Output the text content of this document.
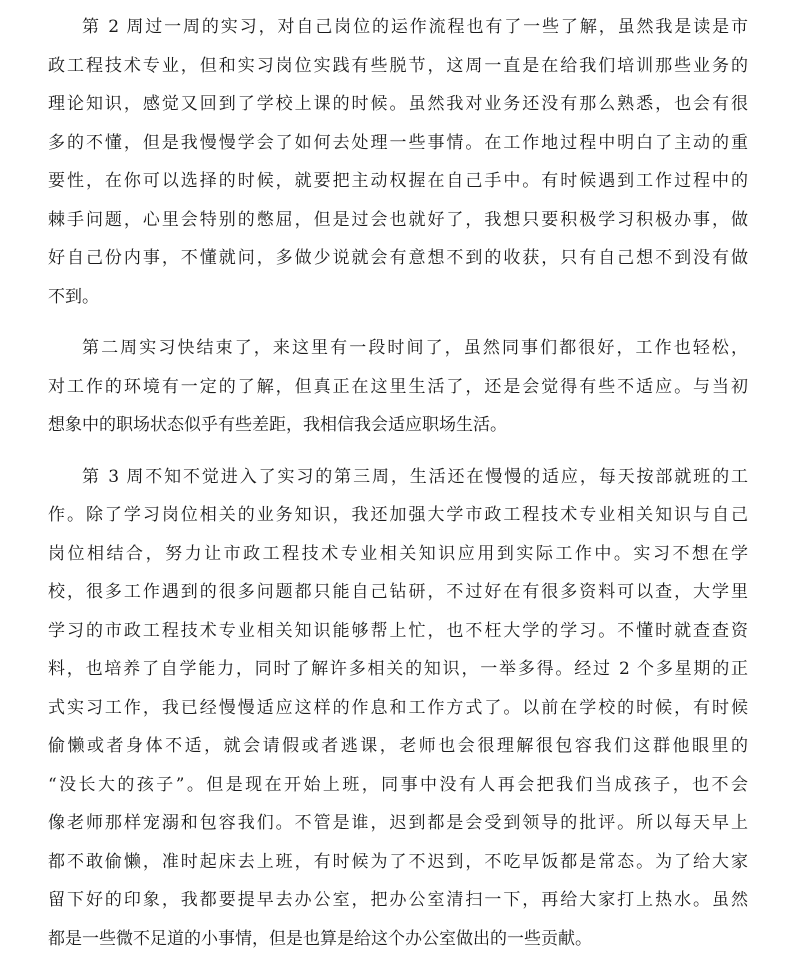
第 2 周过一周的实习，对自己岗位的运作流程也有了一些了解，虽然我是读是市
政工程技术专业，但和实习岗位实践有些脱节，这周一直是在给我们培训那些业务的
理论知识，感觉又回到了学校上课的时候。虽然我对业务还没有那么熟悉，也会有很
多的不懂，但是我慢慢学会了如何去处理一些事情。在工作地过程中明白了主动的重
要性，在你可以选择的时候，就要把主动权握在自己手中。有时候遇到工作过程中的
棘手问题，心里会特别的憋屈，但是过会也就好了，我想只要积极学习积极办事，做
好自己份内事，不懂就问，多做少说就会有意想不到的收获，只有自己想不到没有做
不到。
第二周实习快结束了，来这里有一段时间了，虽然同事们都很好，工作也轻松，
对工作的环境有一定的了解，但真正在这里生活了，还是会觉得有些不适应。与当初
想象中的职场状态似乎有些差距，我相信我会适应职场生活。
第 3 周不知不觉进入了实习的第三周，生活还在慢慢的适应，每天按部就班的工
作。除了学习岗位相关的业务知识，我还加强大学市政工程技术专业相关知识与自己
岗位相结合，努力让市政工程技术专业相关知识应用到实际工作中。实习不想在学
校，很多工作遇到的很多问题都只能自己钻研，不过好在有很多资料可以查，大学里
学习的市政工程技术专业相关知识能够帮上忙，也不枉大学的学习。不懂时就查查资
料，也培养了自学能力，同时了解许多相关的知识，一举多得。经过 2 个多星期的正
式实习工作，我已经慢慢适应这样的作息和工作方式了。以前在学校的时候，有时候
偷懒或者身体不适，就会请假或者逃课，老师也会很理解很包容我们这群他眼里的
“没长大的孩子”。但是现在开始上班，同事中没有人再会把我们当成孩子，也不会
像老师那样宠溺和包容我们。不管是谁，迟到都是会受到领导的批评。所以每天早上
都不敢偷懒，准时起床去上班，有时候为了不迟到，不吃早饭都是常态。为了给大家
留下好的印象，我都要提早去办公室，把办公室清扫一下，再给大家打上热水。虽然
都是一些微不足道的小事情，但是也算是给这个办公室做出的一些贡献。
